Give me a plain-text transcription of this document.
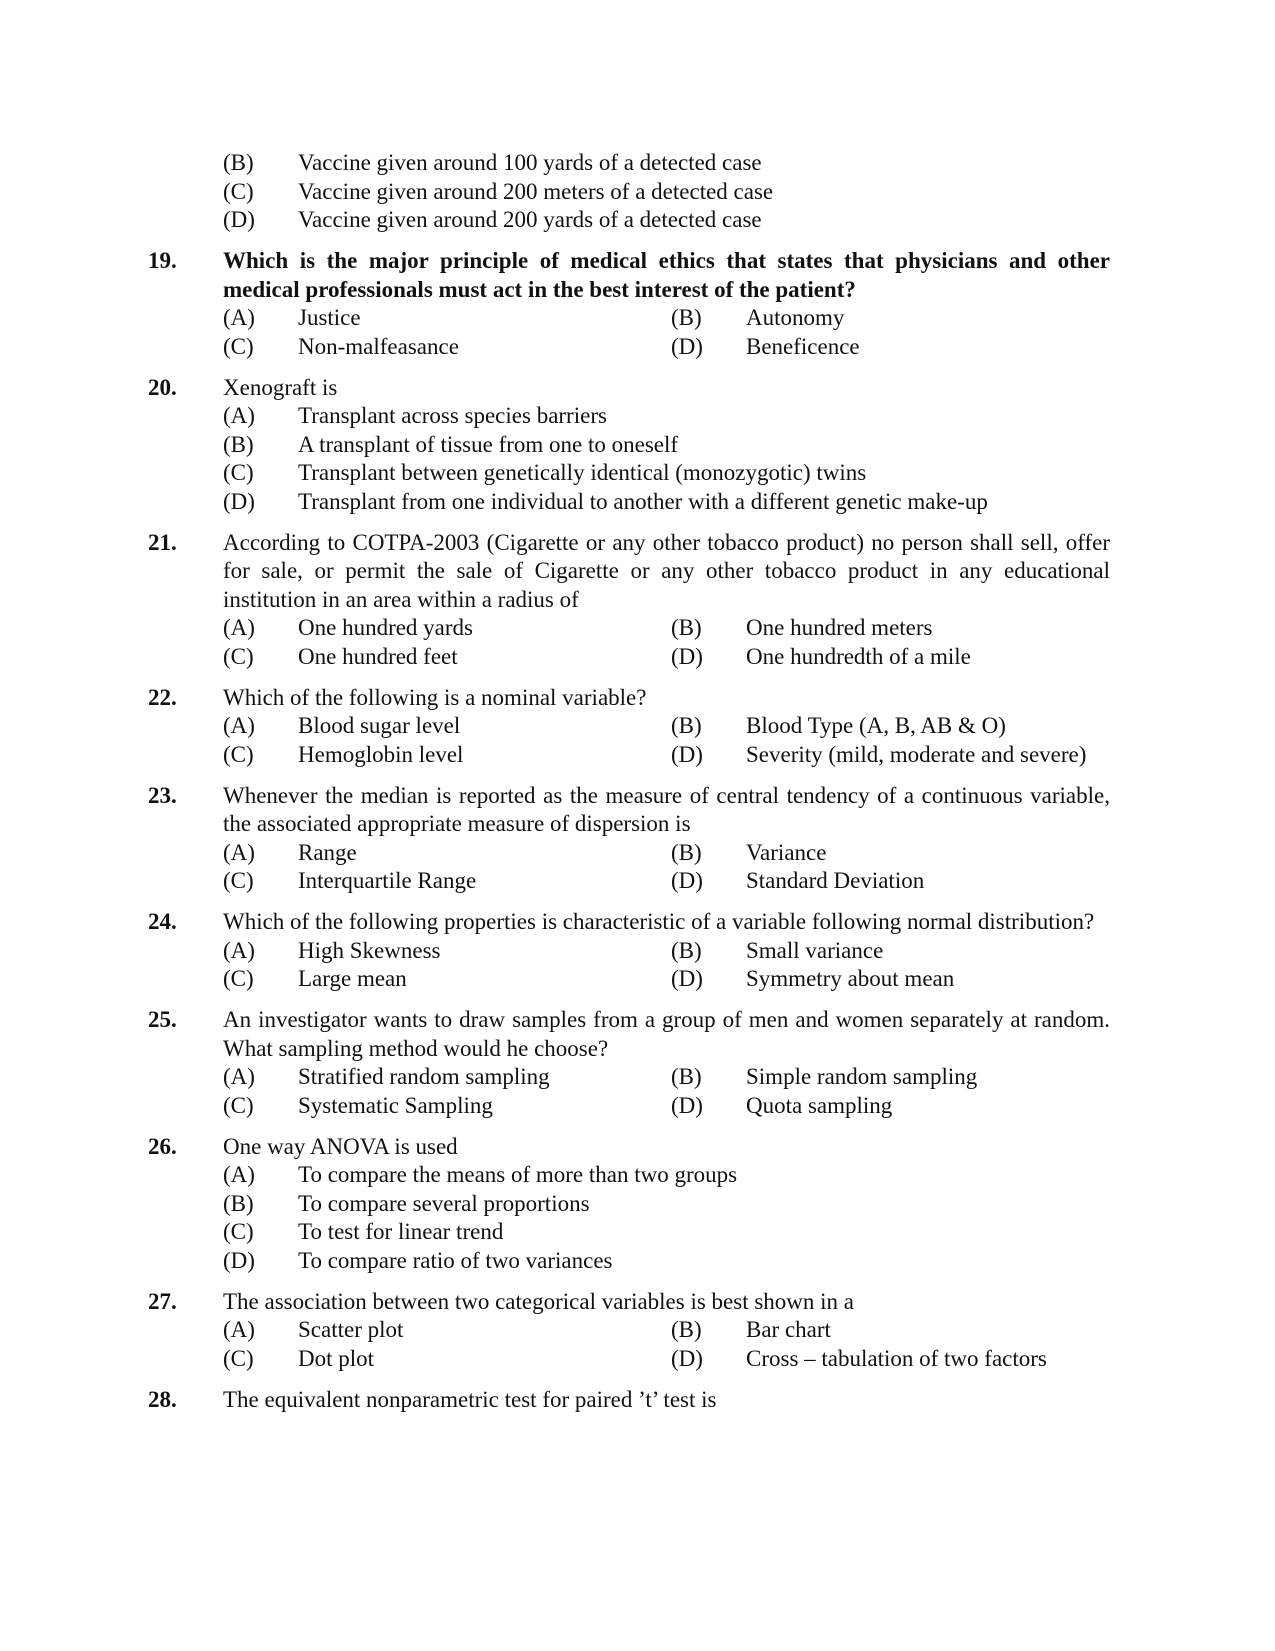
(B)	Vaccine given around 100 yards of a detected case
(C)	Vaccine given around 200 meters of a detected case
(D)	Vaccine given around 200 yards of a detected case
19.	Which is the major principle of medical ethics that states that physicians and other medical professionals must act in the best interest of the patient?
(A)	Justice	(B)	Autonomy
(C)	Non-malfeasance	(D)	Beneficence
20.	Xenograft is
(A)	Transplant across species barriers
(B)	A transplant of tissue from one to oneself
(C)	Transplant between genetically identical (monozygotic) twins
(D)	Transplant from one individual to another with a different genetic make-up
21.	According to COTPA-2003 (Cigarette or any other tobacco product) no person shall sell, offer for sale, or permit the sale of Cigarette or any other tobacco product in any educational institution in an area within a radius of
(A)	One hundred yards	(B)	One hundred meters
(C)	One hundred feet	(D)	One hundredth of a mile
22.	Which of the following is a nominal variable?
(A)	Blood sugar level	(B)	Blood Type (A, B, AB & O)
(C)	Hemoglobin level	(D)	Severity (mild, moderate and severe)
23.	Whenever the median is reported as the measure of central tendency of a continuous variable, the associated appropriate measure of dispersion is
(A)	Range	(B)	Variance
(C)	Interquartile Range	(D)	Standard Deviation
24.	Which of the following properties is characteristic of a variable following normal distribution?
(A)	High Skewness	(B)	Small variance
(C)	Large mean	(D)	Symmetry about mean
25.	An investigator wants to draw samples from a group of men and women separately at random. What sampling method would he choose?
(A)	Stratified random sampling	(B)	Simple random sampling
(C)	Systematic Sampling	(D)	Quota sampling
26.	One way ANOVA is used
(A)	To compare the means of more than two groups
(B)	To compare several proportions
(C)	To test for linear trend
(D)	To compare ratio of two variances
27.	The association between two categorical variables is best shown in a
(A)	Scatter plot	(B)	Bar chart
(C)	Dot plot	(D)	Cross – tabulation of two factors
28.	The equivalent nonparametric test for paired ’t’ test is
